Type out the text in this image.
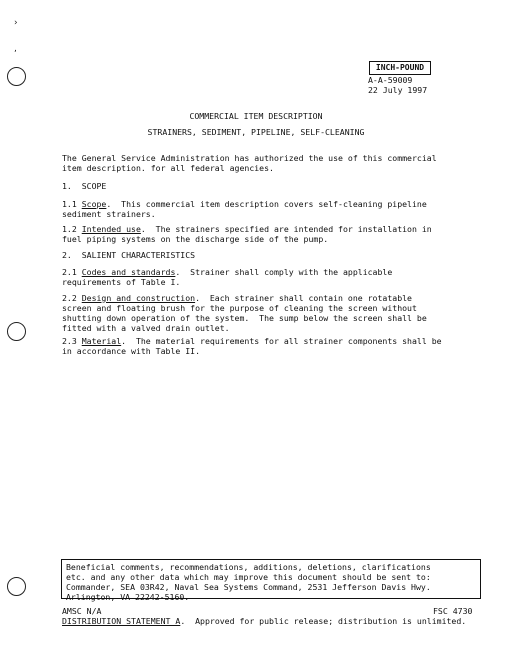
›
,
INCH-POUND
A-A-59009
22 July 1997
COMMERCIAL ITEM DESCRIPTION
STRAINERS, SEDIMENT, PIPELINE, SELF-CLEANING
The General Service Administration has authorized the use of this commercial
item description. for all federal agencies.
1.  SCOPE
1.1 Scope.  This commercial item description covers self-cleaning pipeline
sediment strainers.
1.2 Intended use.  The strainers specified are intended for installation in
fuel piping systems on the discharge side of the pump.
2.  SALIENT CHARACTERISTICS
2.1 Codes and standards.  Strainer shall comply with the applicable
requirements of Table I.
2.2 Design and construction.  Each strainer shall contain one rotatable
screen and floating brush for the purpose of cleaning the screen without
shutting down operation of the system.  The sump below the screen shall be
fitted with a valved drain outlet.
2.3 Material.  The material requirements for all strainer components shall be
in accordance with Table II.
Beneficial comments, recommendations, additions, deletions, clarifications
etc. and any other data which may improve this document should be sent to:
Commander, SEA 03R42, Naval Sea Systems Command, 2531 Jefferson Davis Hwy.
Arlington, VA 22242-5160.
AMSC N/A	FSC 4730
DISTRIBUTION STATEMENT A.  Approved for public release; distribution is unlimited.
